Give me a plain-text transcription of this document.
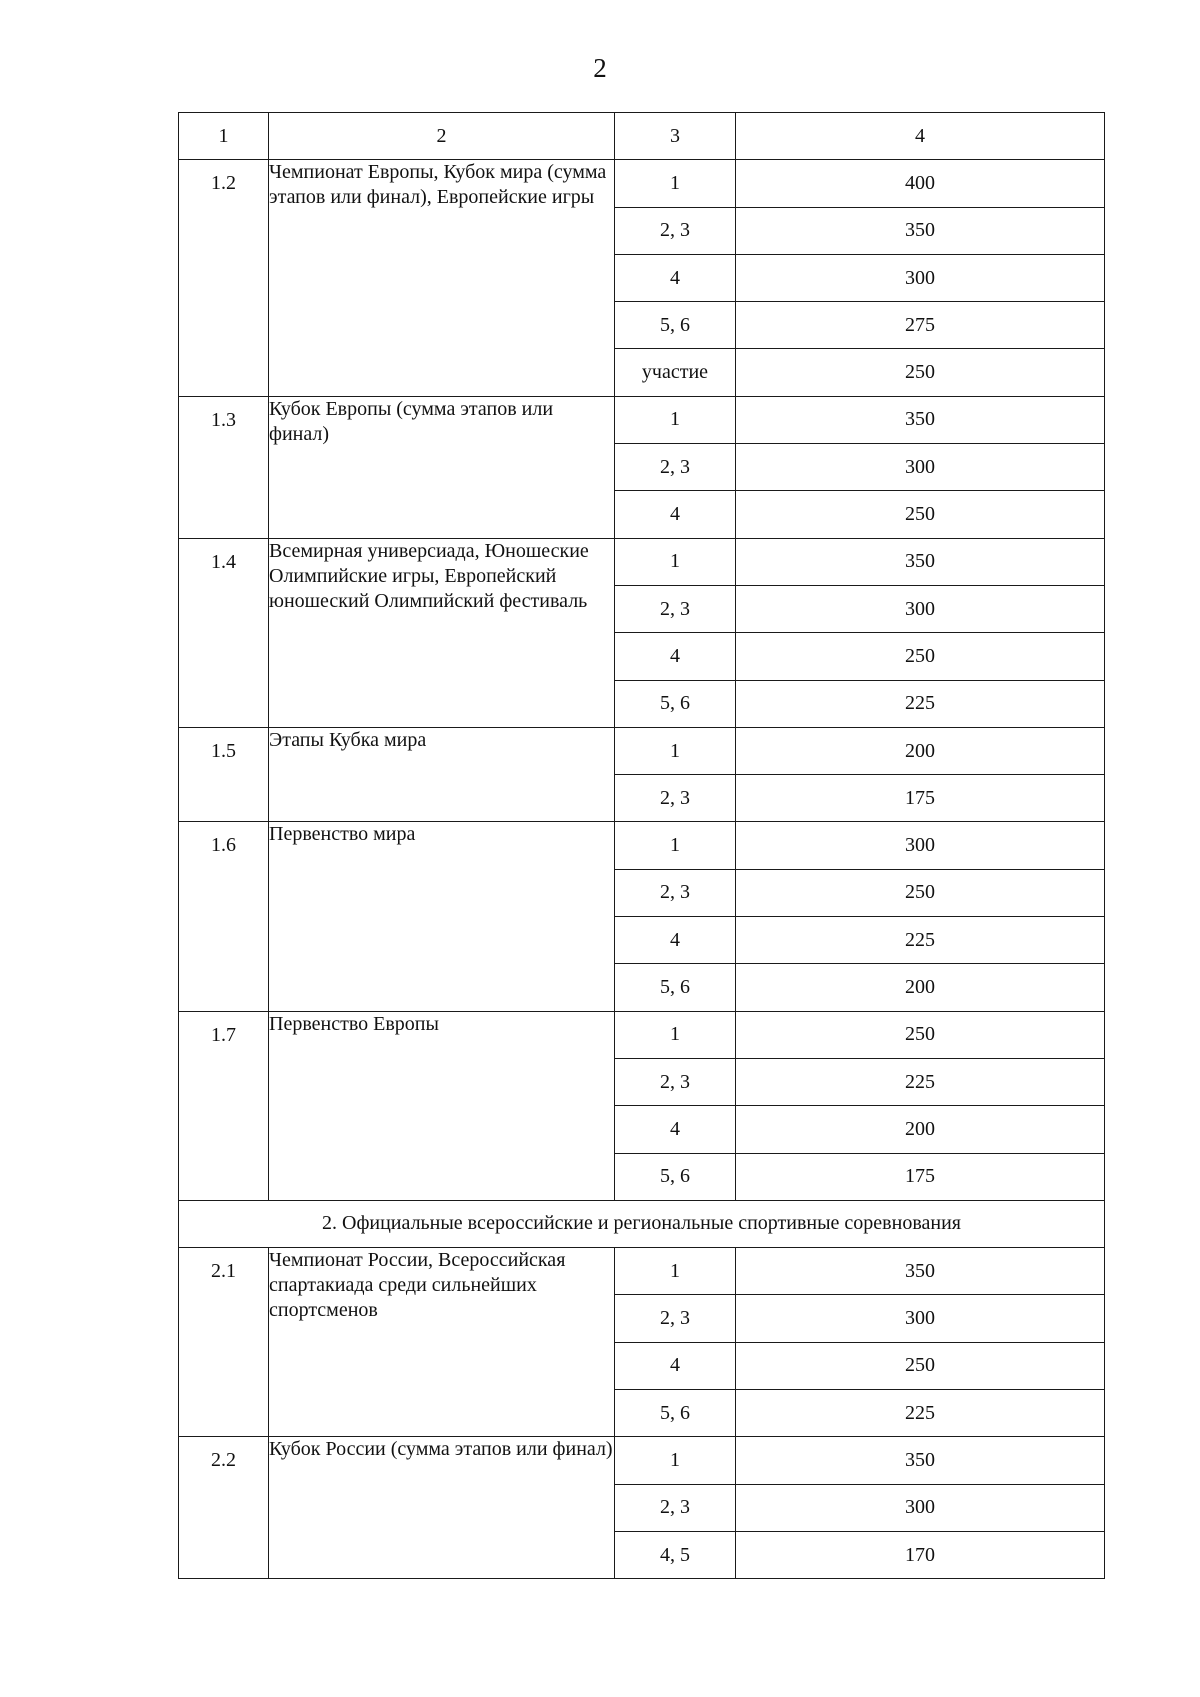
2
1	2	3	4
1.2	Чемпионат Европы, Кубок мира (сумма этапов или финал), Европейские игры	1	400
		2, 3	350
		4	300
		5, 6	275
		участие	250
1.3	Кубок Европы (сумма этапов или финал)	1	350
		2, 3	300
		4	250
1.4	Всемирная универсиада, Юношеские Олимпийские игры, Европейский юношеский Олимпийский фестиваль	1	350
		2, 3	300
		4	250
		5, 6	225
1.5	Этапы Кубка мира	1	200
		2, 3	175
1.6	Первенство мира	1	300
		2, 3	250
		4	225
		5, 6	200
1.7	Первенство Европы	1	250
		2, 3	225
		4	200
		5, 6	175
2. Официальные всероссийские и региональные спортивные соревнования			
2.1	Чемпионат России, Всероссийская спартакиада среди сильнейших спортсменов	1	350
		2, 3	300
		4	250
		5, 6	225
2.2	Кубок России (сумма этапов или финал)	1	350
		2, 3	300
		4, 5	170
